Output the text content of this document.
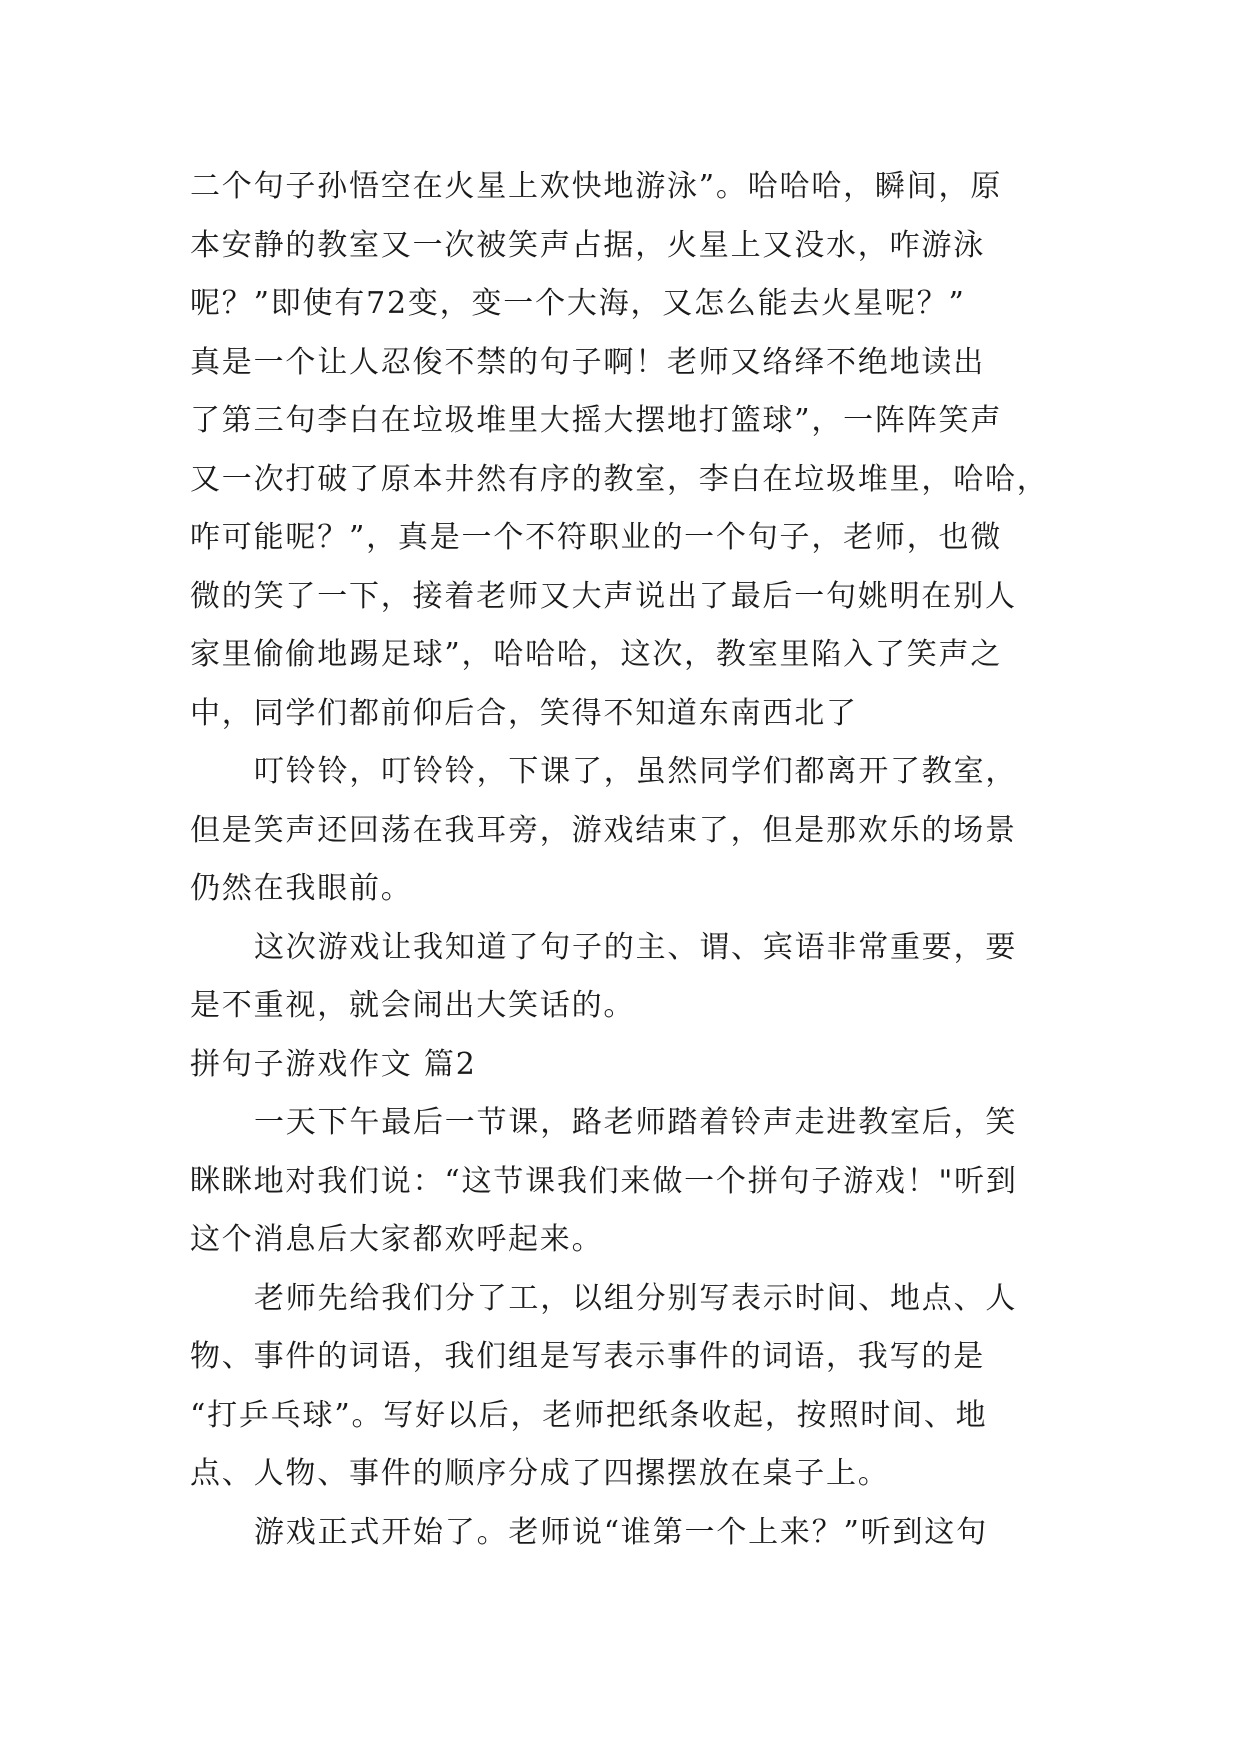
二个句子孙悟空在火星上欢快地游泳”。哈哈哈，瞬间，原
本安静的教室又一次被笑声占据，火星上又没水，咋游泳
呢？”即使有72变，变一个大海，又怎么能去火星呢？”
真是一个让人忍俊不禁的句子啊！老师又络绎不绝地读出
了第三句李白在垃圾堆里大摇大摆地打篮球”，一阵阵笑声
又一次打破了原本井然有序的教室，李白在垃圾堆里，哈哈，
咋可能呢？”，真是一个不符职业的一个句子，老师，也微
微的笑了一下，接着老师又大声说出了最后一句姚明在别人
家里偷偷地踢足球”，哈哈哈，这次，教室里陷入了笑声之
中，同学们都前仰后合，笑得不知道东南西北了
叮铃铃，叮铃铃，下课了，虽然同学们都离开了教室，
但是笑声还回荡在我耳旁，游戏结束了，但是那欢乐的场景
仍然在我眼前。
这次游戏让我知道了句子的主、谓、宾语非常重要，要
是不重视，就会闹出大笑话的。
拼句子游戏作文 篇2
一天下午最后一节课，路老师踏着铃声走进教室后，笑
眯眯地对我们说：“这节课我们来做一个拼句子游戏！"听到
这个消息后大家都欢呼起来。
老师先给我们分了工，以组分别写表示时间、地点、人
物、事件的词语，我们组是写表示事件的词语，我写的是
“打乒乓球”。写好以后，老师把纸条收起，按照时间、地
点、人物、事件的顺序分成了四摞摆放在桌子上。
游戏正式开始了。老师说“谁第一个上来？”听到这句
